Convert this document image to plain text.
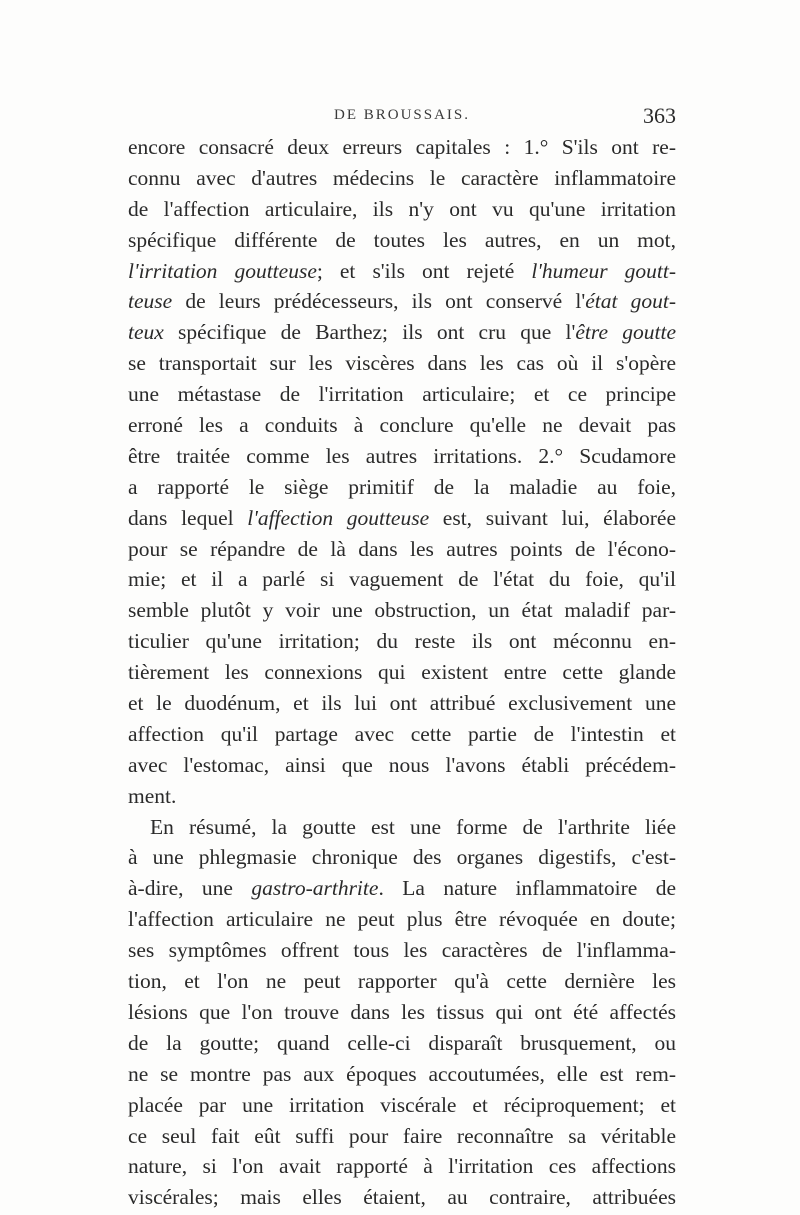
DE BROUSSAIS.	363
encore consacré deux erreurs capitales : 1.° S'ils ont re-
connu avec d'autres médecins le caractère inflammatoire
de l'affection articulaire, ils n'y ont vu qu'une irritation
spécifique différente de toutes les autres, en un mot,
l'irritation goutteuse; et s'ils ont rejeté l'humeur goutt-
teuse de leurs prédécesseurs, ils ont conservé l'état gout-
teux spécifique de Barthez; ils ont cru que l'être goutte
se transportait sur les viscères dans les cas où il s'opère
une métastase de l'irritation articulaire; et ce principe
erroné les a conduits à conclure qu'elle ne devait pas
être traitée comme les autres irritations. 2.° Scudamore
a rapporté le siège primitif de la maladie au foie,
dans lequel l'affection goutteuse est, suivant lui, élaborée
pour se répandre de là dans les autres points de l'écono-
mie; et il a parlé si vaguement de l'état du foie, qu'il
semble plutôt y voir une obstruction, un état maladif par-
ticulier qu'une irritation; du reste ils ont méconnu en-
tièrement les connexions qui existent entre cette glande
et le duodénum, et ils lui ont attribué exclusivement une
affection qu'il partage avec cette partie de l'intestin et
avec l'estomac, ainsi que nous l'avons établi précédem-
ment.
En résumé, la goutte est une forme de l'arthrite liée
à une phlegmasie chronique des organes digestifs, c'est-
à-dire, une gastro-arthrite. La nature inflammatoire de
l'affection articulaire ne peut plus être révoquée en doute;
ses symptômes offrent tous les caractères de l'inflamma-
tion, et l'on ne peut rapporter qu'à cette dernière les
lésions que l'on trouve dans les tissus qui ont été affectés
de la goutte; quand celle-ci disparaît brusquement, ou
ne se montre pas aux époques accoutumées, elle est rem-
placée par une irritation viscérale et réciproquement; et
ce seul fait eût suffi pour faire reconnaître sa véritable
nature, si l'on avait rapporté à l'irritation ces affections
viscérales; mais elles étaient, au contraire, attribuées
